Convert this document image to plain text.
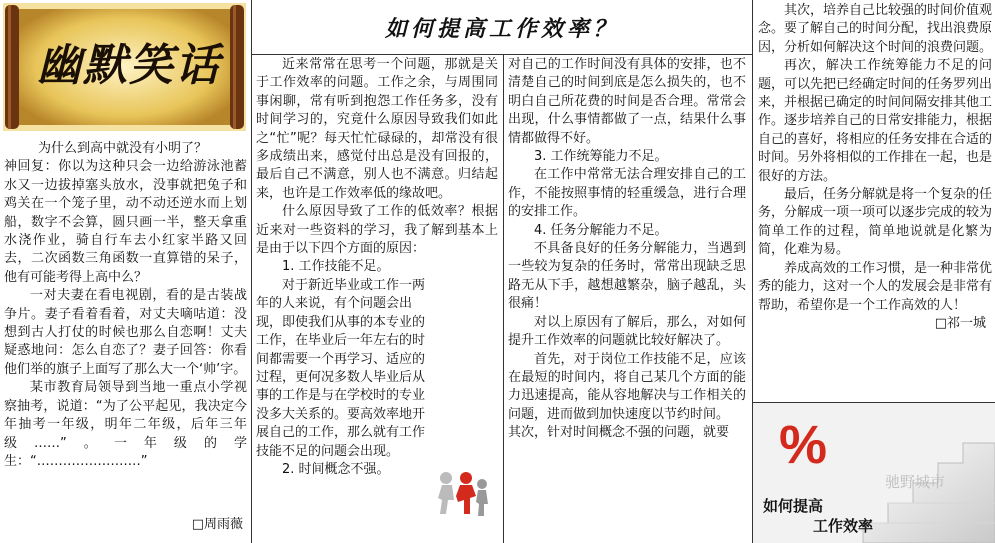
幽默笑话

为什么到高中就没有小明了？

神回复：你以为这种只会一边给游泳池蓄水又一边拔掉塞头放水，没事就把兔子和鸡关在一个笼子里，动不动还逆水而上划船，数字不会算，圆只画一半，整天拿重水浇作业，骑自行车去小红家半路又回去，二次函数三角函数一直算错的呆子，他有可能考得上高中么？

一对夫妻在看电视剧，看的是古装战争片。妻子看着看着，对丈夫嘀咕道：没想到古人打仗的时候也那么自恋啊！丈夫疑惑地问：怎么自恋了？妻子回答：你看他们举的旗子上面写了那么大一个‘帅’字。

某市教育局领导到当地一重点小学视察抽考，说道：“为了公平起见，我决定今年抽考一年级，明年二年级，后年三年级……”。一年级的学生：“……………………”

□周雨薇
如何提高工作效率？

近来常常在思考一个问题，那就是关于工作效率的问题。工作之余，与周围同事闲聊，常有听到抱怨工作任务多，没有时间学习的，究竟什么原因导致我们如此之“忙”呢？每天忙忙碌碌的，却常没有很多成绩出来，感觉付出总是没有回报的，最后自己不满意，别人也不满意。归结起来，也许是工作效率低的缘故吧。

什么原因导致了工作的低效率？根据近来对一些资料的学习，我了解到基本上是由于以下四个方面的原因：

1. 工作技能不足。

对于新近毕业或工作一两年的人来说，有个问题会出现，即使我们从事的本专业的工作，在毕业后一年左右的时间都需要一个再学习、适应的过程，更何况多数人毕业后从事的工作是与在学校时的专业没多大关系的。要高效率地开展自己的工作，那么就有工作技能不足的问题会出现。

2. 时间概念不强。

对自己的工作时间没有具体的安排，也不清楚自己的时间到底是怎么损失的，也不明白自己所花费的时间是否合理。常常会出现，什么事情都做了一点，结果什么事情都做得不好。

3. 工作统筹能力不足。

在工作中常常无法合理安排自己的工作，不能按照事情的轻重缓急，进行合理的安排工作。

4. 任务分解能力不足。

不具备良好的任务分解能力，当遇到一些较为复杂的任务时，常常出现缺乏思路无从下手，越想越繁杂，脑子越乱，头很痛！

对以上原因有了解后，那么，对如何提升工作效率的问题就比较好解决了。

首先，对于岗位工作技能不足，应该在最短的时间内，将自己某几个方面的能力迅速提高，能从容地解决与工作相关的问题，进而做到加快速度以节约时间。

其次，针对时间概念不强的问题，就要

其次，培养自己比较强的时间价值观念。要了解自己的时间分配，找出浪费原因，分析如何解决这个时间的浪费问题。

再次，解决工作统筹能力不足的问题，可以先把已经确定时间的任务罗列出来，并根据已确定的时间间隔安排其他工作。逐步培养自己的日常安排能力，根据自己的喜好，将相应的任务安排在合适的时间。另外将相似的工作排在一起，也是很好的方法。

最后，任务分解就是将一个复杂的任务，分解成一项一项可以逐步完成的较为简单工作的过程，简单地说就是化繁为简，化难为易。

养成高效的工作习惯，是一种非常优秀的能力，这对一个人的发展会是非常有帮助，希望你是一个工作高效的人！

□祁一城
%
如何提高
工作效率
驰野城市
